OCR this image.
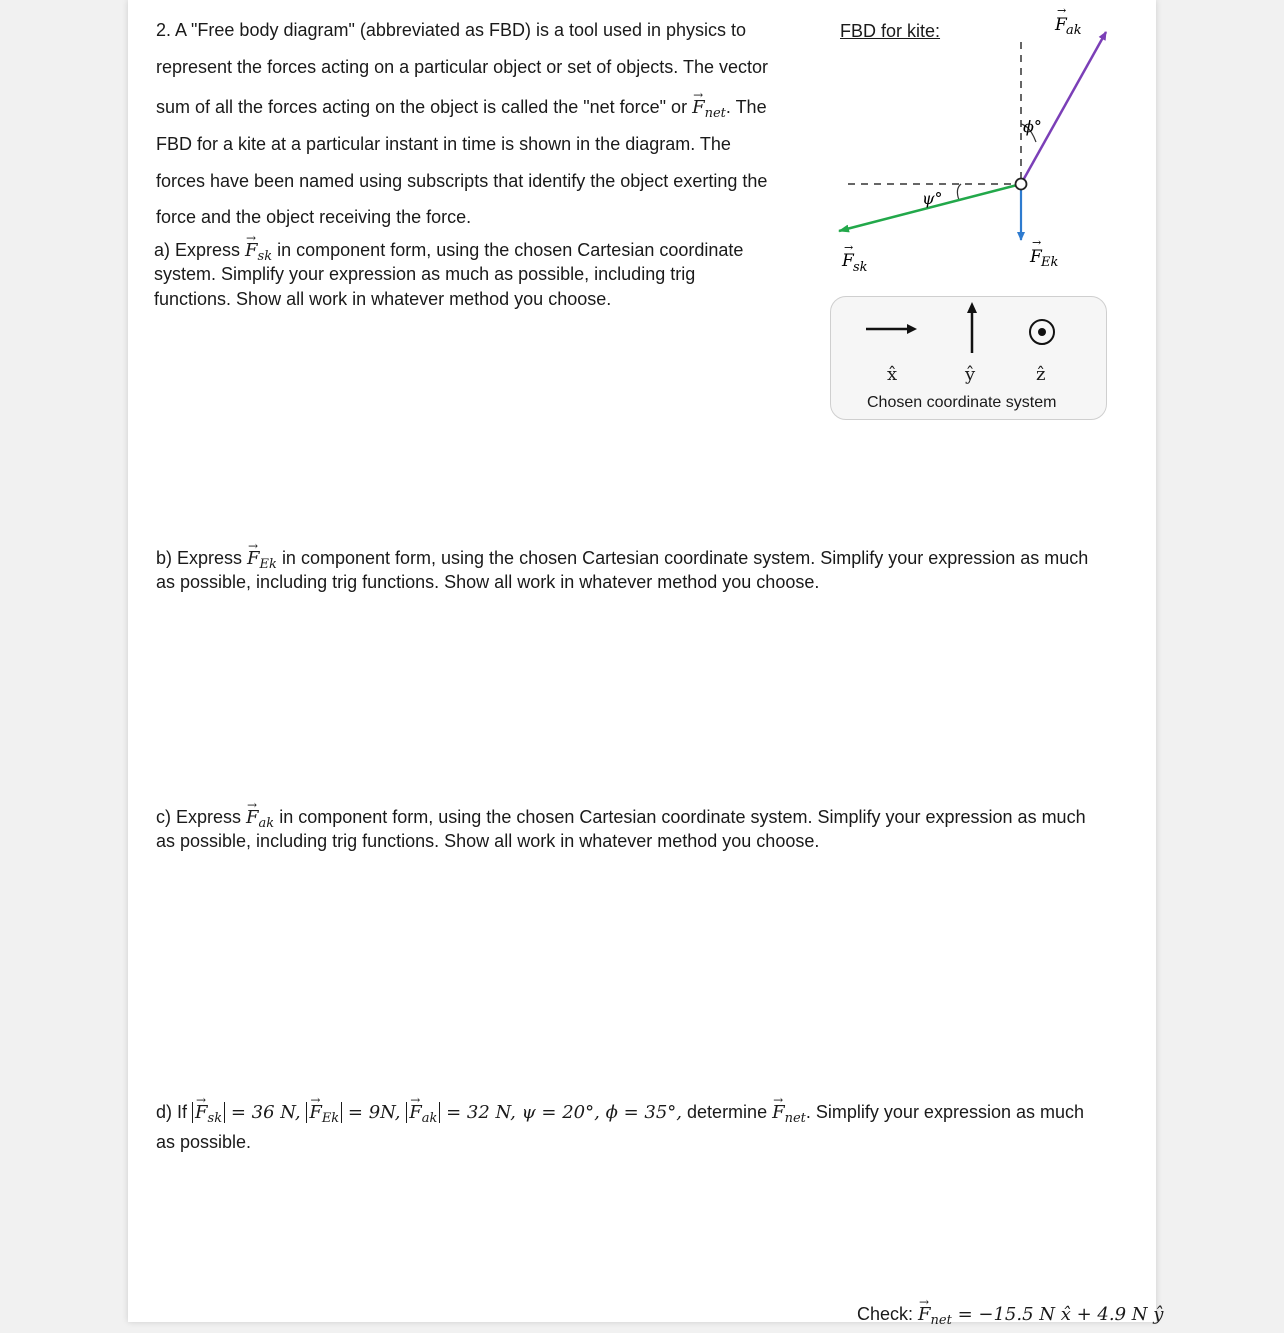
2. A "Free body diagram" (abbreviated as FBD) is a tool used in physics to
represent the forces acting on a particular object or set of objects. The vector
sum of all the forces acting on the object is called the "net force" or → $F_{net}$. The
FBD for a kite at a particular instant in time is shown in the diagram. The
forces have been named using subscripts that identify the object exerting the
force and the object receiving the force.
a) Express → $F_{sk}$ in component form, using the chosen Cartesian coordinate
system. Simplify your expression as much as possible, including trig
functions. Show all work in whatever method you choose.
FBD for kite:	F
→
ak
ϕ°
ψ°
F
→
sk
F
→
Ek
x̂	ŷ	ẑ
Chosen coordinate system
b) Express → $F_{Ek}$ in component form, using the chosen Cartesian coordinate system. Simplify your expression as much
as possible, including trig functions. Show all work in whatever method you choose.
c) Express → $F_{ak}$ in component form, using the chosen Cartesian coordinate system. Simplify your expression as much
as possible, including trig functions. Show all work in whatever method you choose.
d) $If \to F_{sk} = 36$ N, → $F_{Ek} = 9N$, → $F_{ak} = 32$ N, ψ = 20°, ϕ = 35°, determine → $F_{net}$. Simplify your expression as much
as possible.
Check: → $F_{net} = -15.5$ N x̂ + 4.9 N ŷ
